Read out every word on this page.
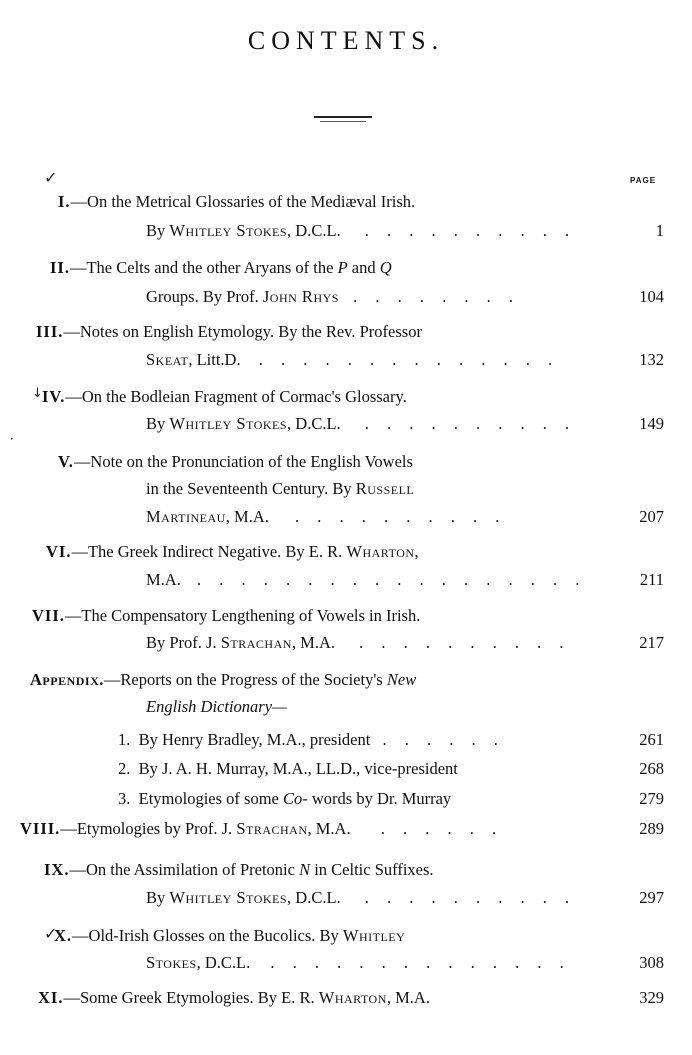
CONTENTS.
PAGE
✓
↓
•
✓
I.—On the Metrical Glossaries of the Mediæval Irish.
By Whitley Stokes, D.C.L. . . . . . . . . . .	1
II.—The Celts and the other Aryans of the P and Q
Groups. By Prof. John Rhys . . . . . . . .	104
III.—Notes on English Etymology. By the Rev. Professor
Skeat, Litt.D. . . . . . . . . . . . . . .	132
IV.—On the Bodleian Fragment of Cormac's Glossary.
By Whitley Stokes, D.C.L. . . . . . . . . . .	149
V.—Note on the Pronunciation of the English Vowels
in the Seventeenth Century. By Russell
Martineau, M.A. . . . . . . . . . .	207
VI.—The Greek Indirect Negative. By E. R. Wharton,
M.A. . . . . . . . . . . . . . . . . . .	211
VII.—The Compensatory Lengthening of Vowels in Irish.
By Prof. J. Strachan, M.A. . . . . . . . . . .	217
Appendix.—Reports on the Progress of the Society's New
English Dictionary—
1. By Henry Bradley, M.A., president . . . . . .	261
2. By J. A. H. Murray, M.A., LL.D., vice-president	268
3. Etymologies of some Co- words by Dr. Murray	279
VIII.—Etymologies by Prof. J. Strachan, M.A. . . . . . .	289
IX.—On the Assimilation of Pretonic N in Celtic Suffixes.
By Whitley Stokes, D.C.L. . . . . . . . . . .	297
X.—Old-Irish Glosses on the Bucolics. By Whitley
Stokes, D.C.L. . . . . . . . . . . . . . .	308
XI.—Some Greek Etymologies. By E. R. Wharton, M.A.	329
